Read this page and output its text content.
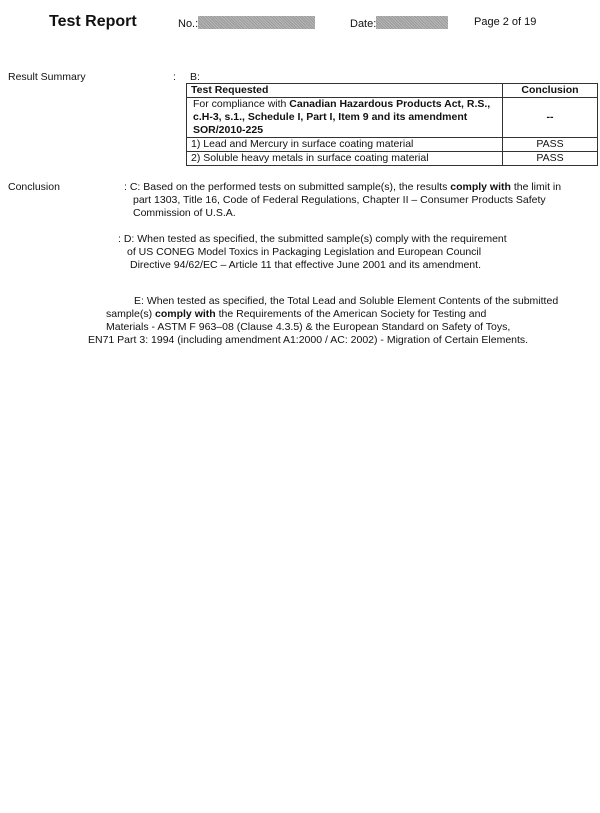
Test Report	No.:	Date:	Page 2 of 19
Result Summary	: B:
Test Requested	Conclusion
For compliance with Canadian Hazardous Products Act, R.S., c.H-3, s.1., Schedule I, Part I, Item 9 and its amendment SOR/2010-225	--
1) Lead and Mercury in surface coating material	PASS
2) Soluble heavy metals in surface coating material	PASS
Conclusion	: C: Based on the performed tests on submitted sample(s), the results comply with the limit in
part 1303, Title 16, Code of Federal Regulations, Chapter II – Consumer Products Safety
Commission of U.S.A.
: D: When tested as specified, the submitted sample(s) comply with the requirement
of US CONEG Model Toxics in Packaging Legislation and European Council
Directive 94/62/EC – Article 11 that effective June 2001 and its amendment.
E: When tested as specified, the Total Lead and Soluble Element Contents of the submitted
sample(s) comply with the Requirements of the American Society for Testing and
Materials - ASTM F 963–08 (Clause 4.3.5) & the European Standard on Safety of Toys,
EN71 Part 3: 1994 (including amendment A1:2000 / AC: 2002) - Migration of Certain Elements.
